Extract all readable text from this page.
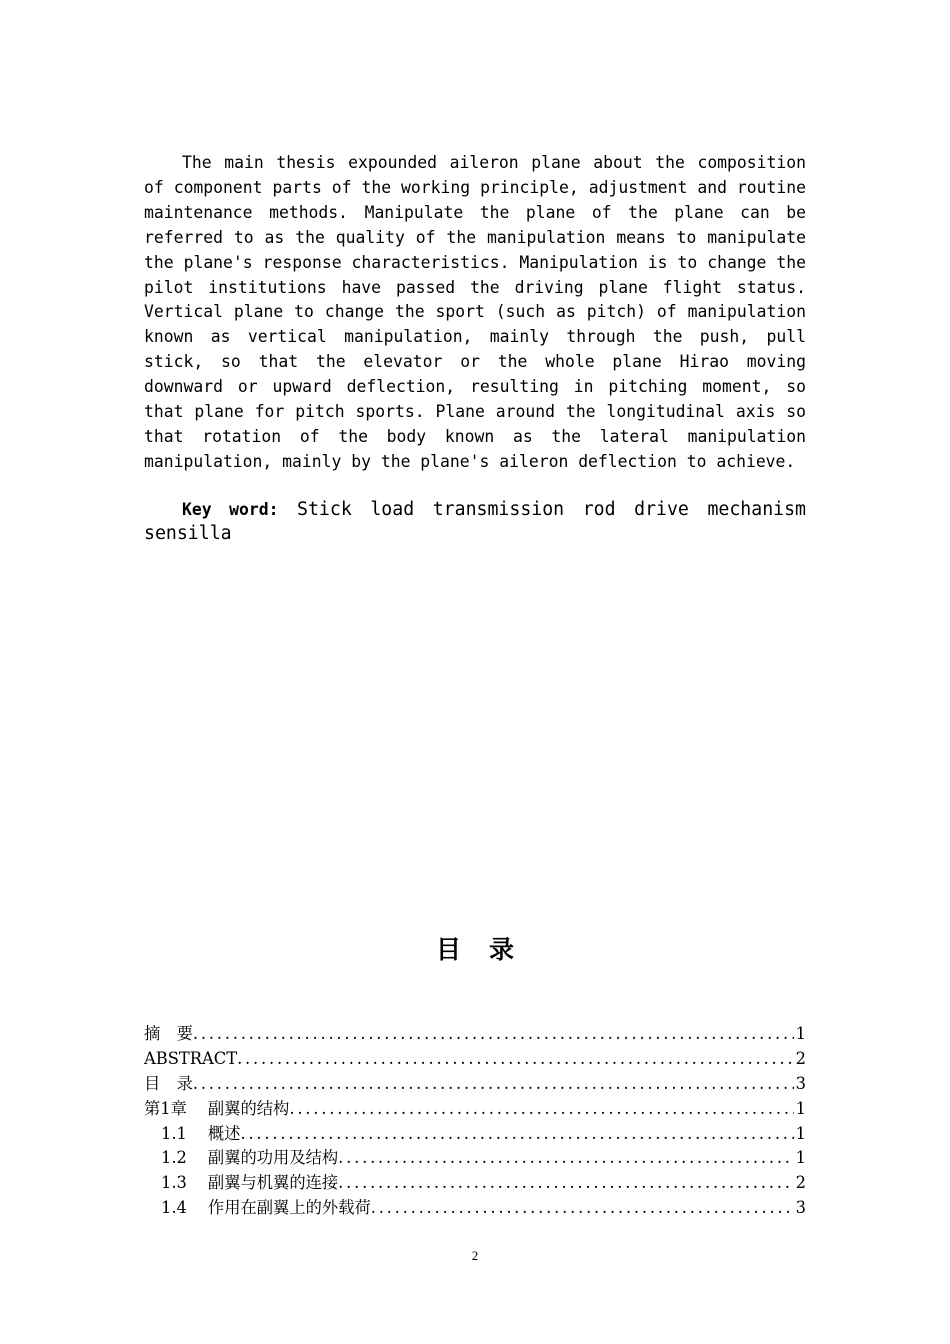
The main thesis expounded aileron plane about the composition of component parts of the working principle, adjustment and routine maintenance methods. Manipulate the plane of the plane can be referred to as the quality of the manipulation means to manipulate the plane's response characteristics. Manipulation is to change the pilot institutions have passed the driving plane flight status. Vertical plane to change the sport (such as pitch) of manipulation known as vertical manipulation, mainly through the push, pull stick, so that the elevator or the whole plane Hirao moving downward or upward deflection, resulting in pitching moment, so that plane for pitch sports. Plane around the longitudinal axis so that rotation of the body known as the lateral manipulation manipulation, mainly by the plane's aileron deflection to achieve.

Key word: Stick load transmission rod drive mechanism sensilla

目录
摘　要 .....	1
ABSTRACT .....	2
目　录 .....	3
第1章 副翼的结构 .....	1
1.1 概述 .....	1
1.2 副翼的功用及结构 .....	1
1.3 副翼与机翼的连接 .....	2
1.4 作用在副翼上的外载荷 .....	3
2
